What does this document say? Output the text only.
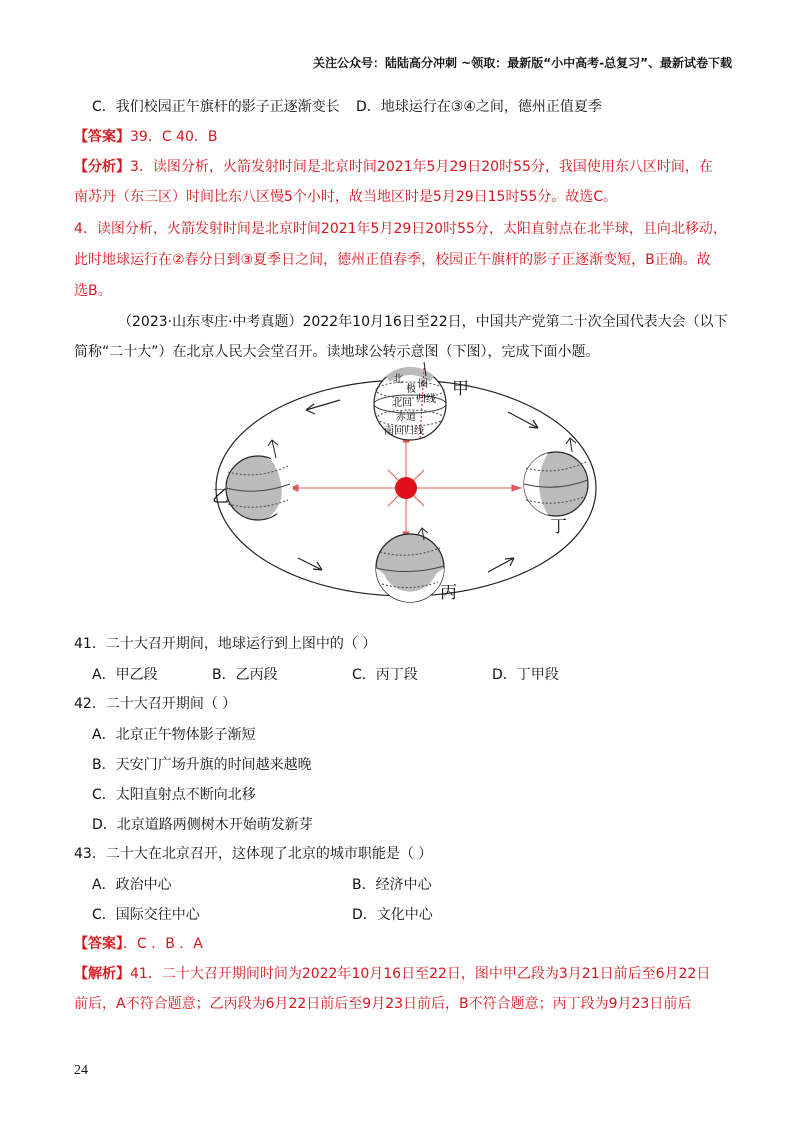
关注公众号：陆陆高分冲刺 ~领取：最新版“小中高考-总复习”、最新试卷下载
C．我们校园正午旗杆的影子正逐渐变长 D．地球运行在③④之间，德州正值夏季
【答案】39．C 40．B
【分析】3．读图分析，火箭发射时间是北京时间2021年5月29日20时55分，我国使用东八区时间，在
南苏丹（东三区）时间比东八区慢5个小时，故当地区时是5月29日15时55分。故选C。
4．读图分析，火箭发射时间是北京时间2021年5月29日20时55分，太阳直射点在北半球，且向北移动，
此时地球运行在②春分日到③夏季日之间，德州正值春季，校园正午旗杆的影子正逐渐变短，B正确。故
选B。
（2023·山东枣庄·中考真题）2022年10月16日至22日，中国共产党第二十次全国代表大会（以下
简称“二十大”）在北京人民大会堂召开。读地球公转示意图（下图），完成下面小题。
北
极 圈
北回 归线
赤道
南回归线
甲
乙
丙
丁
41．二十大召开期间，地球运行到上图中的（ ）
A．甲乙段	B．乙丙段	C．丙丁段	D．丁甲段
42．二十大召开期间（ ）
A．北京正午物体影子渐短
B．天安门广场升旗的时间越来越晚
C．太阳直射点不断向北移
D．北京道路两侧树木开始萌发新芽
43．二十大在北京召开，这体现了北京的城市职能是（ ）
A．政治中心	B．经济中心
C．国际交往中心	D．文化中心
【答案】．C ．B ．A
【解析】41．二十大召开期间时间为2022年10月16日至22日，图中甲乙段为3月21日前后至6月22日
前后，A不符合题意；乙丙段为6月22日前后至9月23日前后，B不符合题意；丙丁段为9月23日前后
24
